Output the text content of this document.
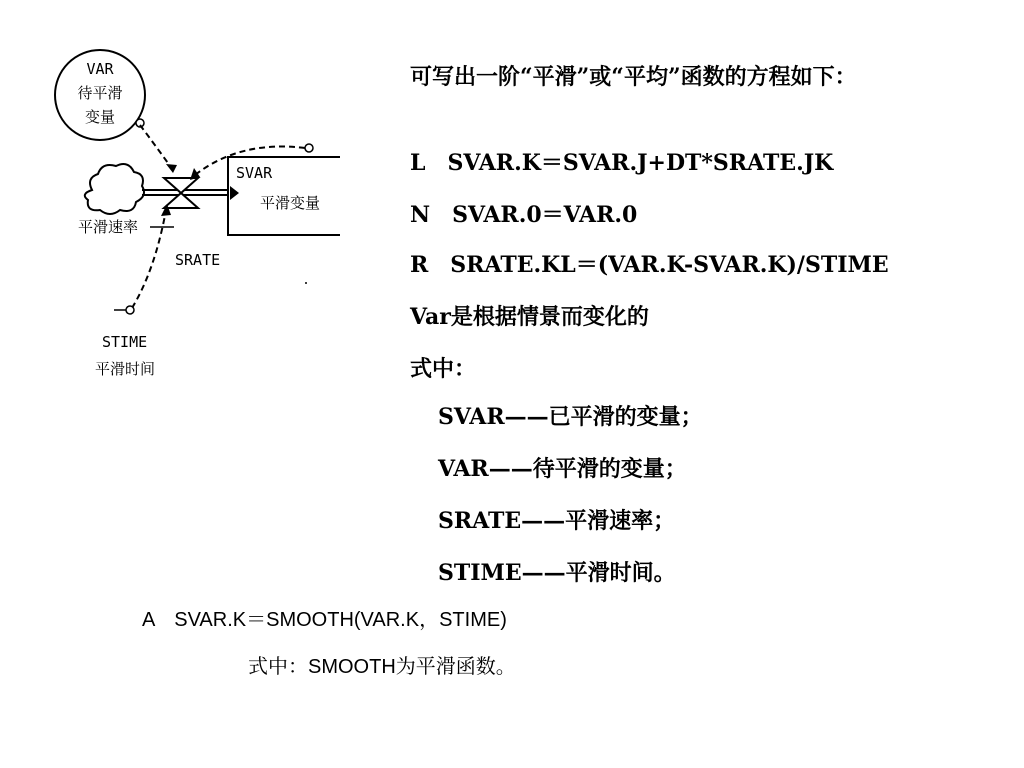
VAR
待平滑
变量
SVAR
平滑变量
平滑速率
SRATE
STIME
平滑时间
可写出一阶“平滑”或“平均”函数的方程如下：
L　SVAR.K＝SVAR.J+DT*SRATE.JK
N　SVAR.0＝VAR.0
R　SRATE.KL＝(VAR.K-SVAR.K)/STIME
Var是根据情景而变化的
式中：
SVAR——已平滑的变量；
VAR——待平滑的变量；
SRATE——平滑速率；
STIME——平滑时间。
A　SVAR.K＝SMOOTH(VAR.K，STIME)
式中：SMOOTH为平滑函数。
